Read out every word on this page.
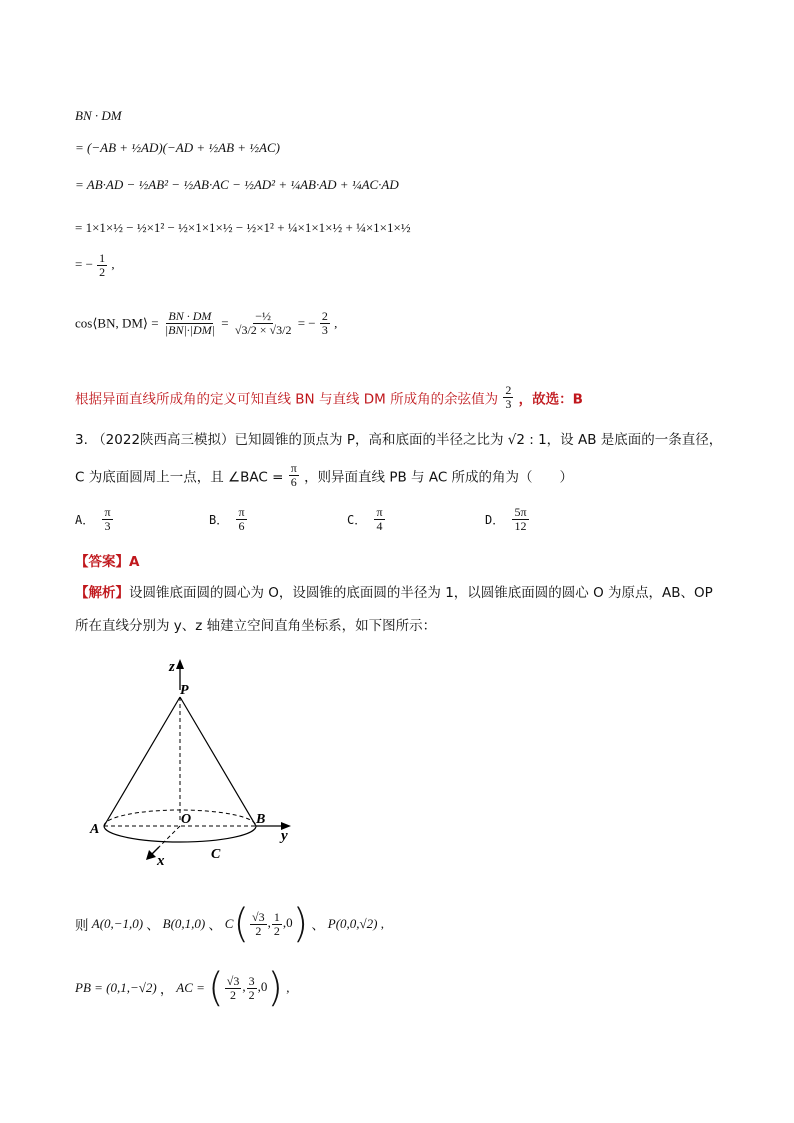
BN · DM
= (−AB + ½AD)(−AD + ½AB + ½AC)
= AB·AD − ½AB² − ½AB·AC − ½AD² + ¼AB·AD + ¼AC·AD
= 1×1×½ − ½×1² − ½×1×1×½ − ½×1² + ¼×1×1×½ + ¼×1×1×½
= − $\frac{1}{2}$ ,
cos⟨BN, DM⟩ = $\frac{BN \cdot DM}{|BN|\cdot|DM|} = \frac{\text{−½}}{√3/2 \times √3/2}$ = − $\frac{2}{3}$ ,
根据异面直线所成角的定义可知直线 BN 与直线 DM 所成角的余弦值为 $\frac{2}{3}$ ，故选：B
3. （2022陕西高三模拟）已知圆锥的顶点为 P，高和底面的半径之比为 √2 : 1，设 AB 是底面的一条直径，
C 为底面圆周上一点，且 ∠BAC = $\frac{\pi}{6}$ ，则异面直线 PB 与 AC 所成的角为（　　）
A． $\frac{\pi}{3}$	B． $\frac{\pi}{6}$	C． $\frac{\pi}{4}$	D． $\frac{5\pi}{12}$
【答案】A
【解析】设圆锥底面圆的圆心为 O，设圆锥的底面圆的半径为 1，以圆锥底面圆的圆心 O 为原点，AB、OP
所在直线分别为 y、z 轴建立空间直角坐标系，如下图所示：
z
P
A
O	B
y
x	C
则 A(0,−1,0) 、 B(0,1,0) 、 $C( \frac{√3}{2}$ , $\frac{1}{2} ,0$) 、 P(0,0,√2) ,
PB = (0,1,−√2) ， AC = ( $\frac{√3}{2}$ , $\frac{3}{2} ,0$) ,
